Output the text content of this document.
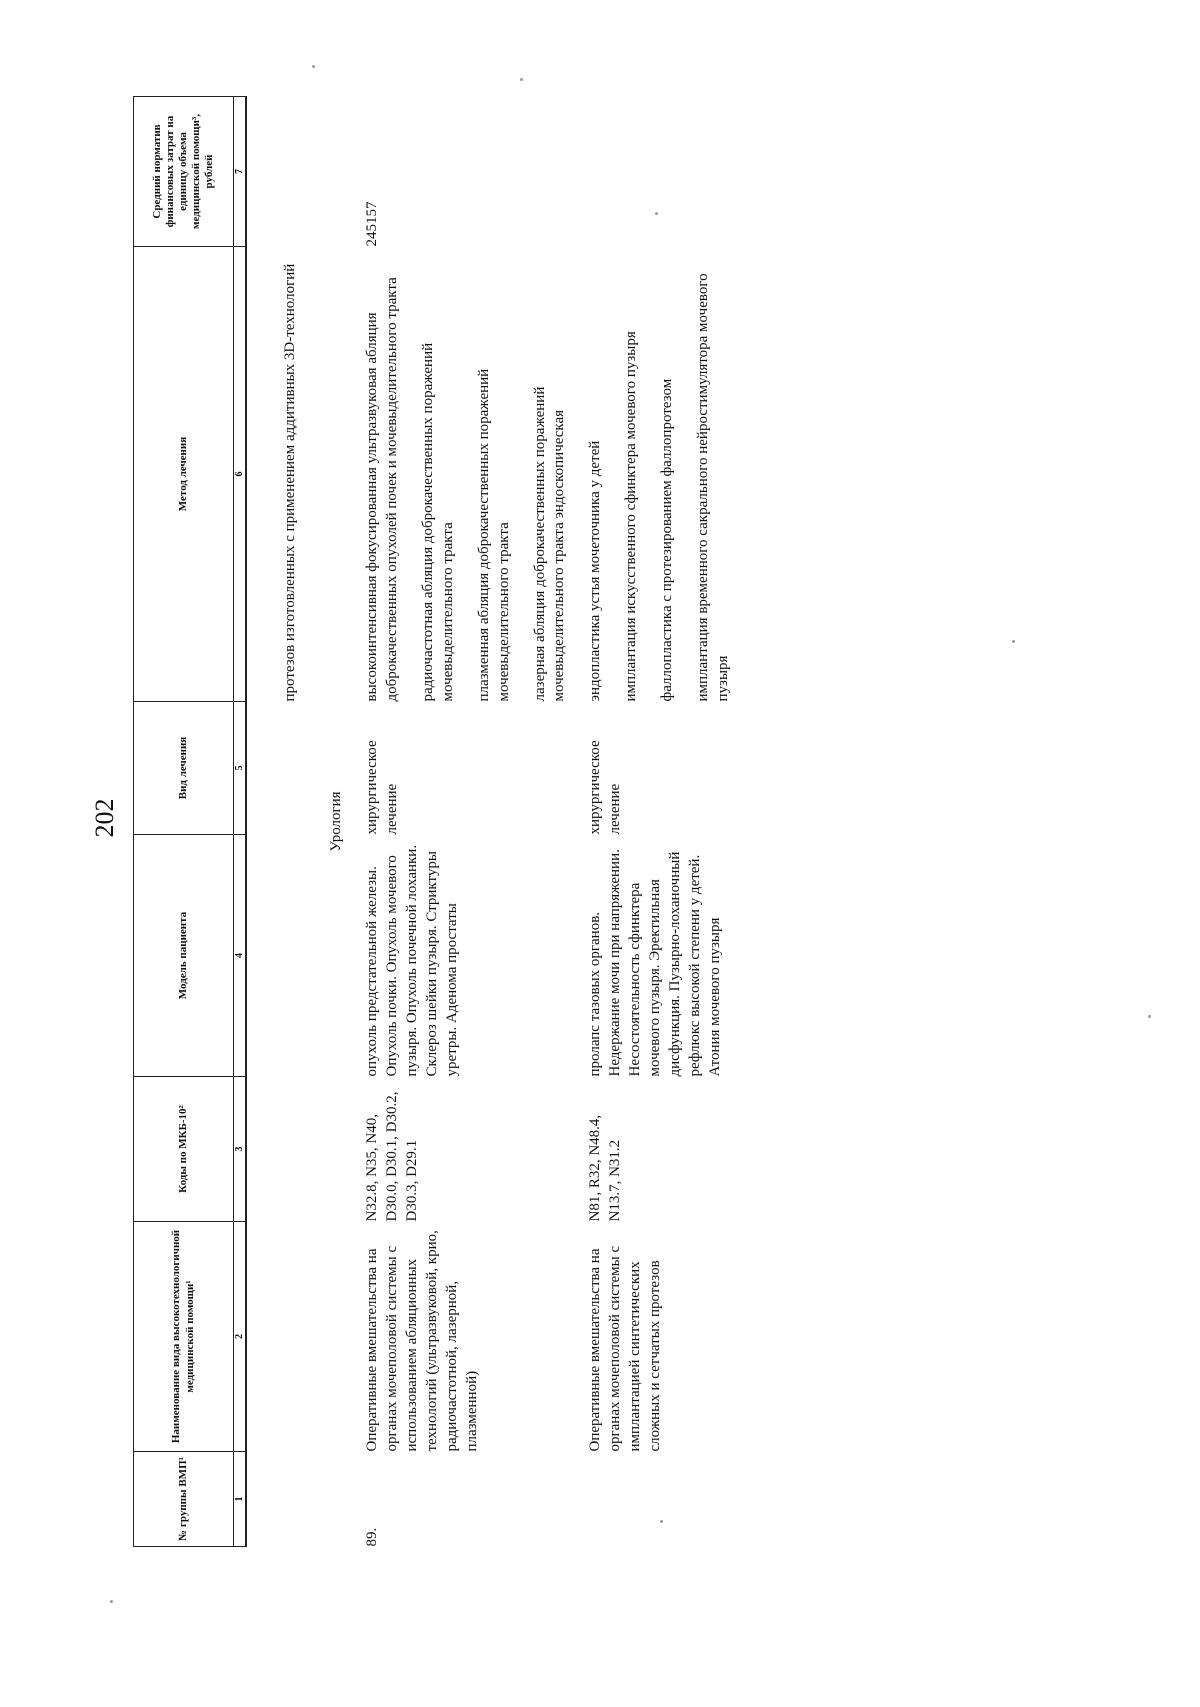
202
№ группы ВМП¹	Наименование вида высокотехнологичной медицинской помощи¹	Коды по МКБ-10²	Модель пациента	Вид лечения	Метод лечения	Средний норматив финансовых затрат на единицу объема медицинской помощи³, рублей
1	2	3	4	5	6	7
					протезов изготовленных с применением аддитивных 3D-технологий	
Урология						
89.	Оперативные вмешательства на органах мочеполовой системы с использованием абляционных технологий (ультразвуковой, крио, радиочастотной, лазерной, плазменной)	N32.8, N35, N40, D30.0, D30.1, D30.2, D30.3, D29.1	опухоль предстательной железы. Опухоль почки. Опухоль мочевого пузыря. Опухоль почечной лоханки. Склероз шейки пузыря. Стриктуры уретры. Аденома простаты	хирургическое лечение	высокоинтенсивная фокусированная ультразвуковая абляция доброкачественных опухолей почек и мочевыделительного тракта радиочастотная абляция доброкачественных поражений мочевыделительного тракта плазменная абляция доброкачественных поражений мочевыделительного тракта лазерная абляция доброкачественных поражений мочевыделительного тракта эндоскопическая	245157
	Оперативные вмешательства на органах мочеполовой системы с имплантацией синтетических сложных и сетчатых протезов	N81, R32, N48.4, N13.7, N31.2	пролапс тазовых органов. Недержание мочи при напряжении. Несостоятельность сфинктера мочевого пузыря. Эректильная дисфункция. Пузырно-лоханочный рефлюкс высокой степени у детей. Атония мочевого пузыря	хирургическое лечение	эндопластика устья мочеточника у детей имплантация искусственного сфинктера мочевого пузыря фаллопластика с протезированием фаллопротезом имплантация временного сакрального нейростимулятора мочевого пузыря	
